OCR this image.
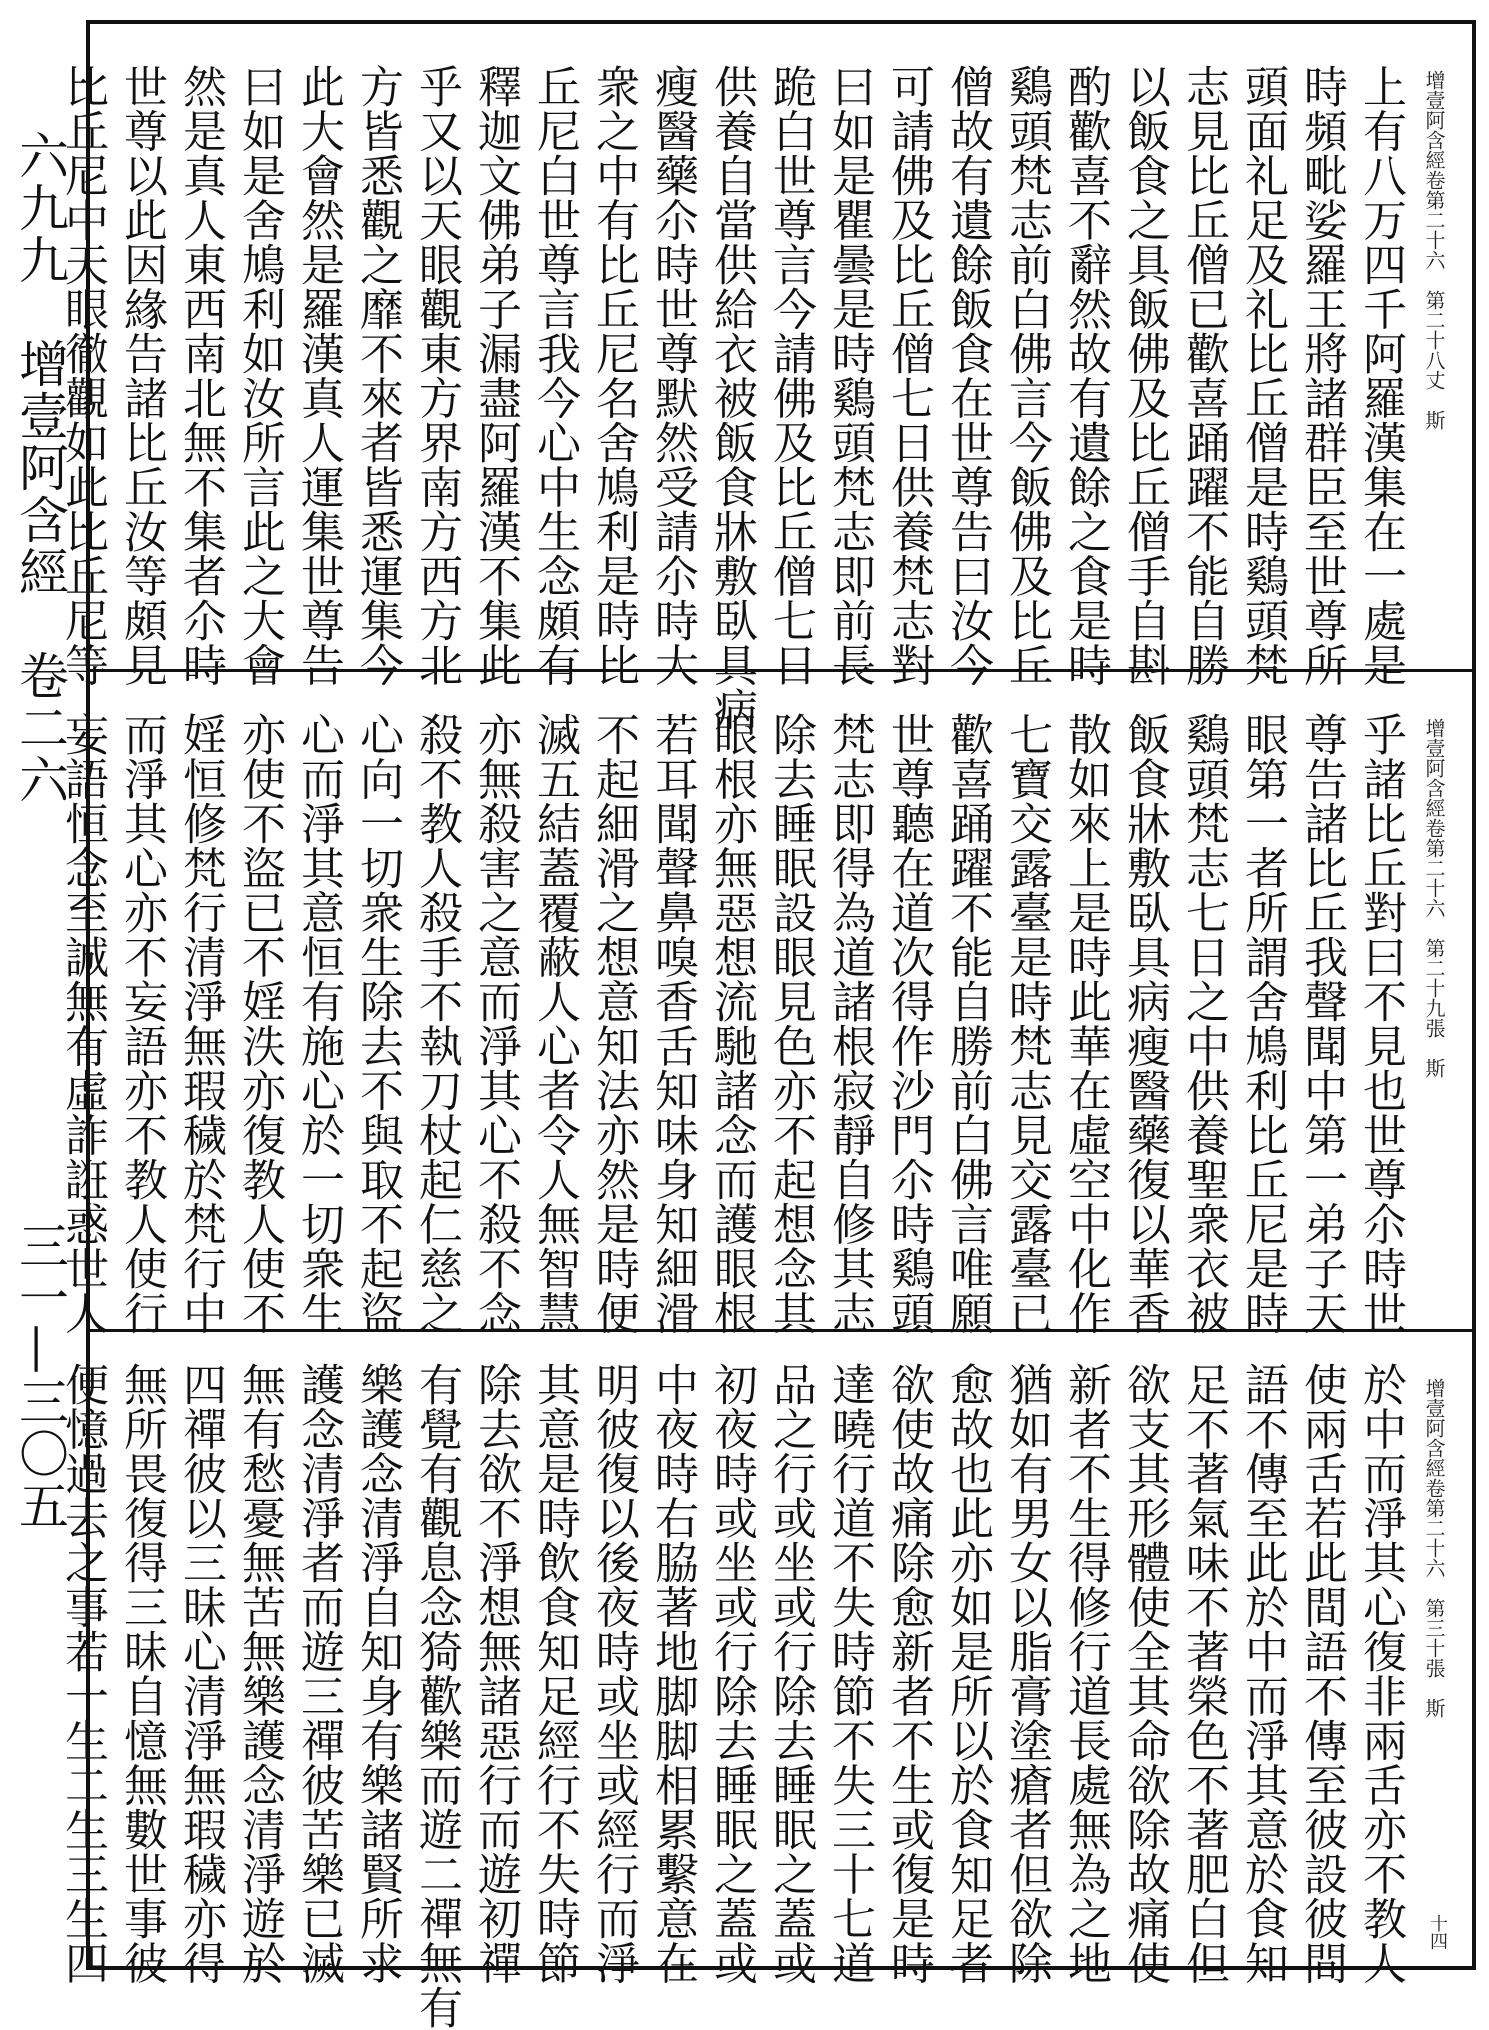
六九九　增壹阿含經　卷二六
三一—三〇五
上有八万四千阿羅漢集在一處是
時頻毗娑羅王將諸群臣至世尊所
頭面礼足及礼比丘僧是時鷄頭梵
志見比丘僧已歡喜踊躍不能自勝
以飯食之具飯佛及比丘僧手自斟
酌歡喜不辭然故有遺餘之食是時
鷄頭梵志前白佛言今飯佛及比丘
僧故有遺餘飯食在世尊告曰汝今
可請佛及比丘僧七日供養梵志對
曰如是瞿曇是時鷄頭梵志即前長
跪白世尊言今請佛及比丘僧七日
供養自當供給衣被飯食牀敷臥具病
瘦醫藥尒時世尊默然受請尒時大
衆之中有比丘尼名舍鳩利是時比
丘尼白世尊言我今心中生念頗有
釋迦文佛弟子漏盡阿羅漢不集此
乎又以天眼觀東方界南方西方北
方皆悉觀之靡不來者皆悉運集今
此大會然是羅漢真人運集世尊告
曰如是舍鳩利如汝所言此之大會
然是真人東西南北無不集者尒時
世尊以此因緣告諸比丘汝等頗見
比丘尼中天眼徹觀如此比丘尼等	增壹阿含經卷第二十六　第二十八丈　斯
乎諸比丘對曰不見也世尊尒時世
尊告諸比丘我聲聞中第一弟子天
眼第一者所謂舍鳩利比丘尼是時
鷄頭梵志七日之中供養聖衆衣被
飯食牀敷臥具病瘦醫藥復以華香
散如來上是時此華在虛空中化作
七寶交露臺是時梵志見交露臺已
歡喜踊躍不能自勝前白佛言唯願
世尊聽在道次得作沙門尒時鷄頭
梵志即得為道諸根寂靜自修其志
除去睡眠設眼見色亦不起想念其
眼根亦無惡想流馳諸念而護眼根
若耳聞聲鼻嗅香舌知味身知細滑
不起細滑之想意知法亦然是時便
滅五結蓋覆蔽人心者令人無智慧
亦無殺害之意而淨其心不殺不念
殺不教人殺手不執刀杖起仁慈之
心向一切衆生除去不與取不起盜
心而淨其意恒有施心於一切衆生
亦使不盜已不婬泆亦復教人使不
婬恒修梵行清淨無瑕穢於梵行中
而淨其心亦不妄語亦不教人使行
妄語恒念至誠無有虛詐誑惑世人	增壹阿含經卷第二十六　第二十九張　斯
於中而淨其心復非兩舌亦不教人
使兩舌若此間語不傳至彼設彼間
語不傳至此於中而淨其意於食知
足不著氣味不著榮色不著肥白但
欲支其形體使全其命欲除故痛使
新者不生得修行道長處無為之地
猶如有男女以脂膏塗瘡者但欲除
愈故也此亦如是所以於食知足者
欲使故痛除愈新者不生或復是時
達曉行道不失時節不失三十七道
品之行或坐或行除去睡眠之蓋或
初夜時或坐或行除去睡眠之蓋或
中夜時右脇著地脚脚相累繫意在
明彼復以後夜時或坐或經行而淨
其意是時飲食知足經行不失時節
除去欲不淨想無諸惡行而遊初禪
有覺有觀息念猗歡樂而遊二禪無有
樂護念清淨自知身有樂諸賢所求
護念清淨者而遊三禪彼苦樂已滅
無有愁憂無苦無樂護念清淨遊於
四禪彼以三昧心清淨無瑕穢亦得
無所畏復得三昧自憶無數世事彼
便憶過去之事若一生二生三生四	增壹阿含經卷第二十六　第三十張　斯
十四
